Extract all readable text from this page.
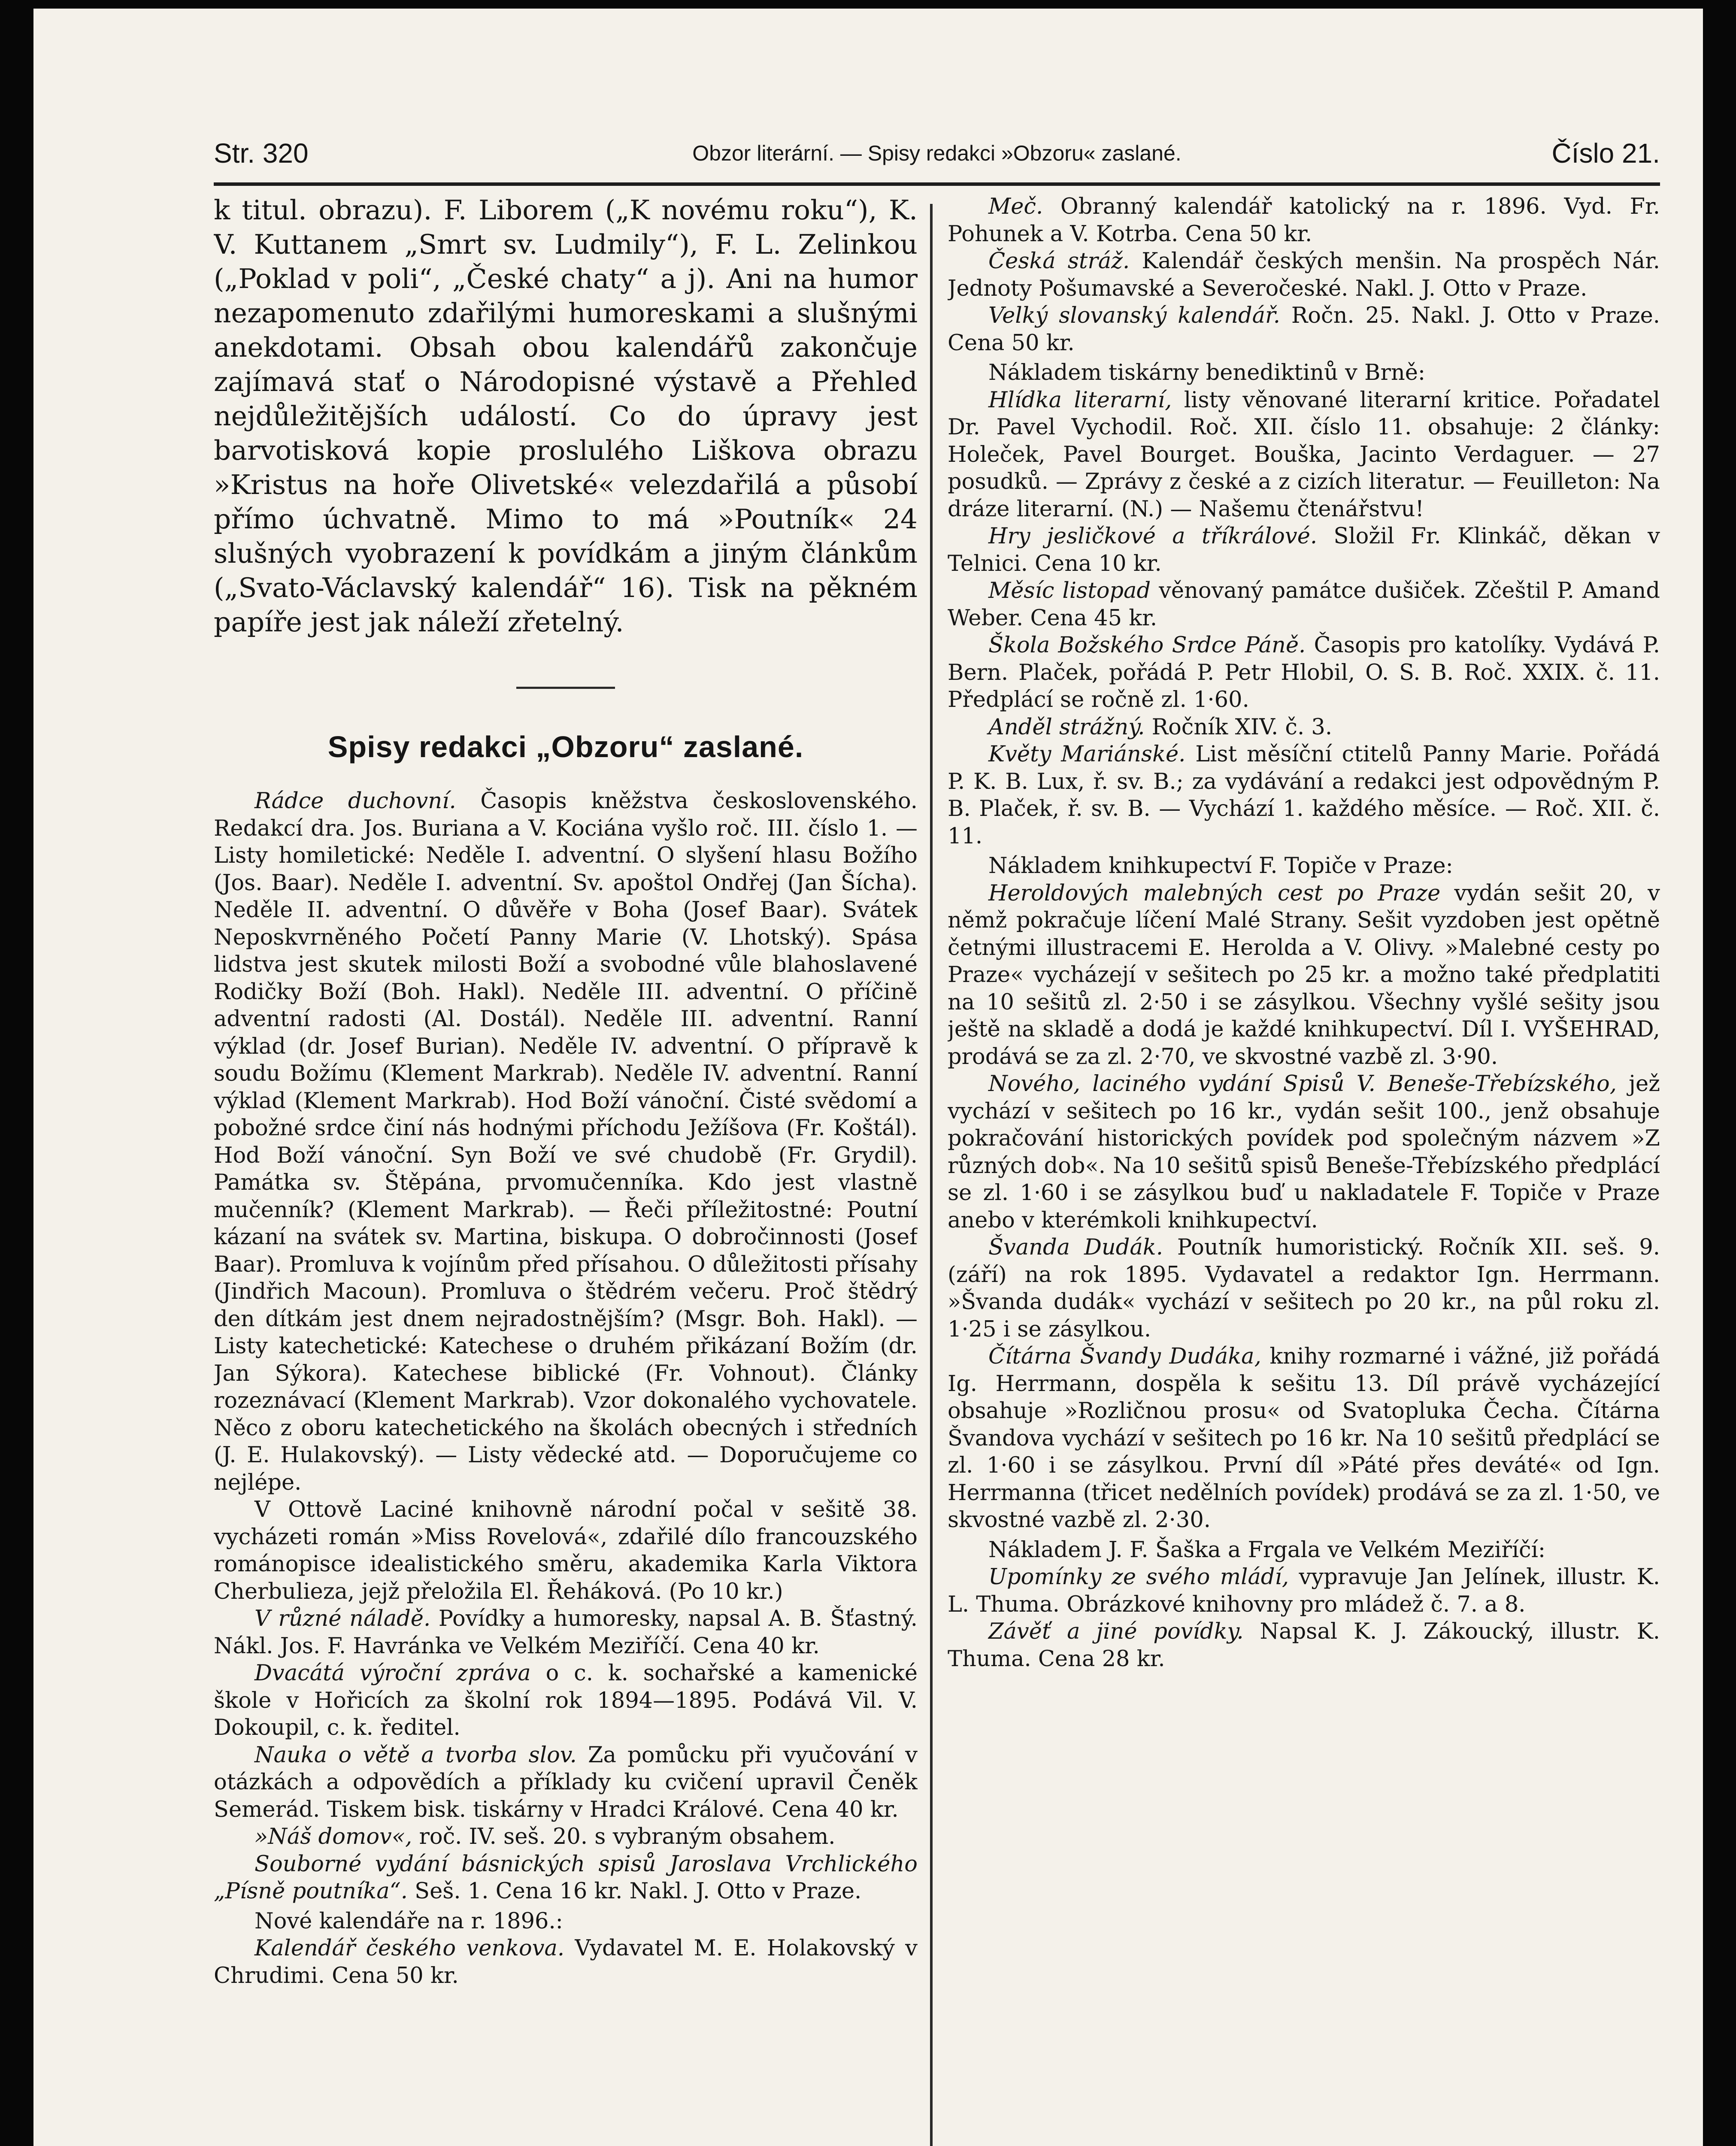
Str. 320	Obzor literární. — Spisy redakci »Obzoru« zaslané.	Číslo 21.

k titul. obrazu). F. Liborem („K novému roku“), K. V. Kuttanem „Smrt sv. Ludmily“), F. L. Zelinkou („Poklad v poli“, „České chaty“ a j). Ani na humor nezapomenuto zdařilými humoreskami a slušnými anekdotami. Obsah obou kalendářů zakončuje zajímavá stať o Národopisné výstavě a Přehled nejdůležitějších událostí. Co do úpravy jest barvotisková kopie proslulého Liškova obrazu »Kristus na hoře Olivetské« velezdařilá a působí přímo úchvatně. Mimo to má »Poutník« 24 slušných vyobrazení k povídkám a jiným článkům („Svato-Václavský kalendář“ 16). Tisk na pěkném papíře jest jak náleží zřetelný.

Spisy redakci „Obzoru“ zaslané.

Rádce duchovní. Časopis kněžstva československého. Redakcí dra. Jos. Buriana a V. Kociána vyšlo roč. III. číslo 1. — Listy homiletické: Neděle I. adventní. O slyšení hlasu Božího (Jos. Baar). Neděle I. adventní. Sv. apoštol Ondřej (Jan Šícha). Neděle II. adventní. O důvěře v Boha (Josef Baar). Svátek Neposkvrněného Početí Panny Marie (V. Lhotský). Spása lidstva jest skutek milosti Boží a svobodné vůle blahoslavené Rodičky Boží (Boh. Hakl). Neděle III. adventní. O příčině adventní radosti (Al. Dostál). Neděle III. adventní. Ranní výklad (dr. Josef Burian). Neděle IV. adventní. O přípravě k soudu Božímu (Klement Markrab). Neděle IV. adventní. Ranní výklad (Klement Markrab). Hod Boží vánoční. Čisté svědomí a pobožné srdce činí nás hodnými příchodu Ježíšova (Fr. Koštál). Hod Boží vánoční. Syn Boží ve své chudobě (Fr. Grydil). Památka sv. Štěpána, prvomučenníka. Kdo jest vlastně mučenník? (Klement Markrab). — Řeči příležitostné: Poutní kázaní na svátek sv. Martina, biskupa. O dobročinnosti (Josef Baar). Promluva k vojínům před přísahou. O důležitosti přísahy (Jindřich Macoun). Promluva o štědrém večeru. Proč štědrý den dítkám jest dnem nejradostnějším? (Msgr. Boh. Hakl). — Listy katechetické: Katechese o druhém přikázaní Božím (dr. Jan Sýkora). Katechese biblické (Fr. Vohnout). Články rozeznávací (Klement Markrab). Vzor dokonalého vychovatele. Něco z oboru katechetického na školách obecných i středních (J. E. Hulakovský). — Listy vědecké atd. — Doporučujeme co nejlépe.

V Ottově Laciné knihovně národní počal v sešitě 38. vycházeti román »Miss Rovelová«, zdařilé dílo francouzského románopisce idealistického směru, akademika Karla Viktora Cherbulieza, jejž přeložila El. Řeháková. (Po 10 kr.)

V různé náladě. Povídky a humoresky, napsal A. B. Šťastný. Nákl. Jos. F. Havránka ve Velkém Meziříčí. Cena 40 kr.

Dvacátá výroční zpráva o c. k. sochařské a kamenické škole v Hořicích za školní rok 1894—1895. Podává Vil. V. Dokoupil, c. k. ředitel.

Nauka o větě a tvorba slov. Za pomůcku při vyučování v otázkách a odpovědích a příklady ku cvičení upravil Čeněk Semerád. Tiskem bisk. tiskárny v Hradci Králové. Cena 40 kr.

»Náš domov«, roč. IV. seš. 20. s vybraným obsahem.

Souborné vydání básnických spisů Jaroslava Vrchlického „Písně poutníka“. Seš. 1. Cena 16 kr. Nakl. J. Otto v Praze.

Nové kalendáře na r. 1896.:

Kalendář českého venkova. Vydavatel M. E. Holakovský v Chrudimi. Cena 50 kr.

Meč. Obranný kalendář katolický na r. 1896. Vyd. Fr. Pohunek a V. Kotrba. Cena 50 kr.

Česká stráž. Kalendář českých menšin. Na prospěch Nár. Jednoty Pošumavské a Severočeské. Nakl. J. Otto v Praze.

Velký slovanský kalendář. Ročn. 25. Nakl. J. Otto v Praze. Cena 50 kr.

Nákladem tiskárny benediktinů v Brně:

Hlídka literarní, listy věnované literarní kritice. Pořadatel Dr. Pavel Vychodil. Roč. XII. číslo 11. obsahuje: 2 články: Holeček, Pavel Bourget. Bouška, Jacinto Verdaguer. — 27 posudků. — Zprávy z české a z cizích literatur. — Feuilleton: Na dráze literarní. (N.) — Našemu čtenářstvu!

Hry jesličkové a tříkrálové. Složil Fr. Klinkáč, děkan v Telnici. Cena 10 kr.

Měsíc listopad věnovaný památce dušiček. Zčeštil P. Amand Weber. Cena 45 kr.

Škola Božského Srdce Páně. Časopis pro katolíky. Vydává P. Bern. Plaček, pořádá P. Petr Hlobil, O. S. B. Roč. XXIX. č. 11. Předplácí se ročně zl. 1·60.

Anděl strážný. Ročník XIV. č. 3.

Květy Mariánské. List měsíční ctitelů Panny Marie. Pořádá P. K. B. Lux, ř. sv. B.; za vydávání a redakci jest odpovědným P. B. Plaček, ř. sv. B. — Vychází 1. každého měsíce. — Roč. XII. č. 11.

Nákladem knihkupectví F. Topiče v Praze:

Heroldových malebných cest po Praze vydán sešit 20, v němž pokračuje líčení Malé Strany. Sešit vyzdoben jest opětně četnými illustracemi E. Herolda a V. Olivy. »Malebné cesty po Praze« vycházejí v sešitech po 25 kr. a možno také předplatiti na 10 sešitů zl. 2·50 i se zásylkou. Všechny vyšlé sešity jsou ještě na skladě a dodá je každé knihkupectví. Díl I. VYŠEHRAD, prodává se za zl. 2·70, ve skvostné vazbě zl. 3·90.

Nového, laciného vydání Spisů V. Beneše-Třebízského, jež vychází v sešitech po 16 kr., vydán sešit 100., jenž obsahuje pokračování historických povídek pod společným názvem »Z různých dob«. Na 10 sešitů spisů Beneše-Třebízského předplácí se zl. 1·60 i se zásylkou buď u nakladatele F. Topiče v Praze anebo v kterémkoli knihkupectví.

Švanda Dudák. Poutník humoristický. Ročník XII. seš. 9. (září) na rok 1895. Vydavatel a redaktor Ign. Herrmann. »Švanda dudák« vychází v sešitech po 20 kr., na půl roku zl. 1·25 i se zásylkou.

Čítárna Švandy Dudáka, knihy rozmarné i vážné, již pořádá Ig. Herrmann, dospěla k sešitu 13. Díl právě vycházející obsahuje »Rozličnou prosu« od Svatopluka Čecha. Čítárna Švandova vychází v sešitech po 16 kr. Na 10 sešitů předplácí se zl. 1·60 i se zásylkou. První díl »Páté přes deváté« od Ign. Herrmanna (třicet nedělních povídek) prodává se za zl. 1·50, ve skvostné vazbě zl. 2·30.

Nákladem J. F. Šaška a Frgala ve Velkém Meziříčí:

Upomínky ze svého mládí, vypravuje Jan Jelínek, illustr. K. L. Thuma. Obrázkové knihovny pro mládež č. 7. a 8.

Závěť a jiné povídky. Napsal K. J. Zákoucký, illustr. K. Thuma. Cena 28 kr.
